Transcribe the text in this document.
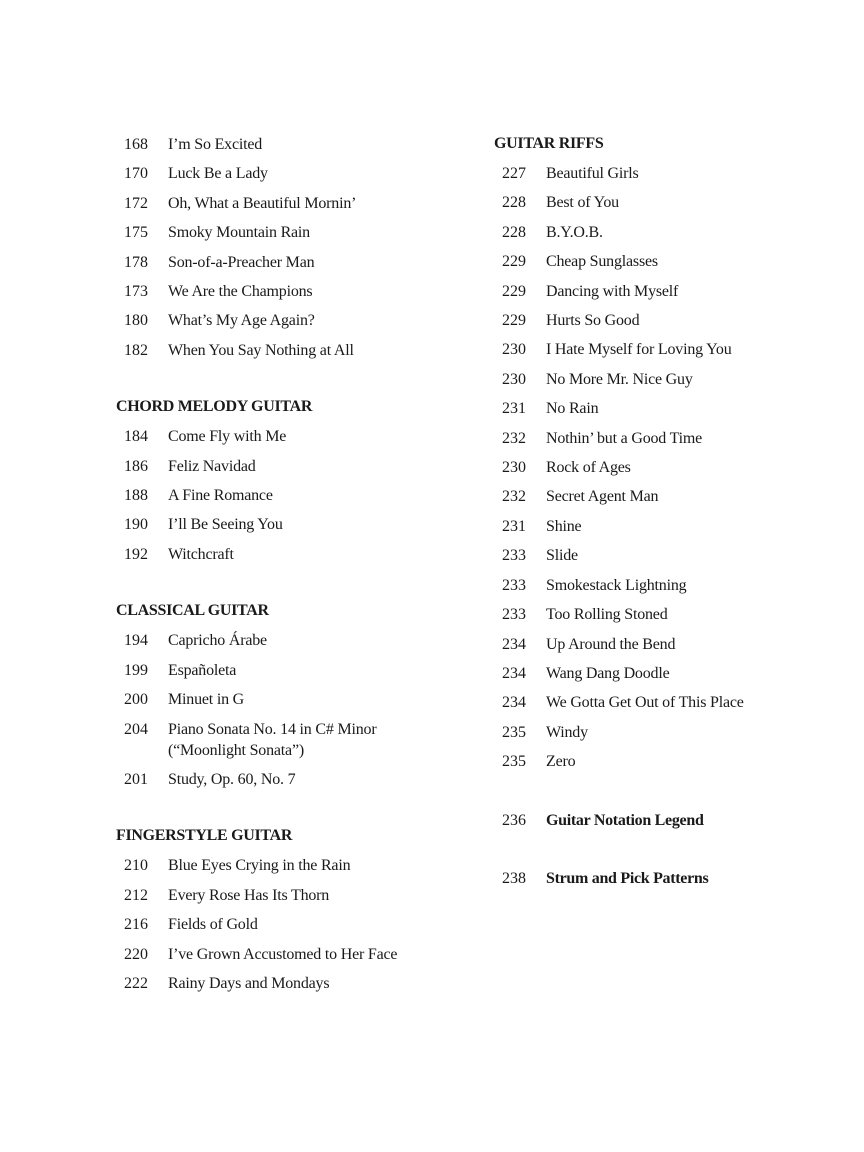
168	I’m So Excited
170	Luck Be a Lady
172	Oh, What a Beautiful Mornin’
175	Smoky Mountain Rain
178	Son-of-a-Preacher Man
173	We Are the Champions
180	What’s My Age Again?
182	When You Say Nothing at All
CHORD MELODY GUITAR
184	Come Fly with Me
186	Feliz Navidad
188	A Fine Romance
190	I’ll Be Seeing You
192	Witchcraft
CLASSICAL GUITAR
194	Capricho Árabe
199	Españoleta
200	Minuet in G
204	Piano Sonata No. 14 in C# Minor
(“Moonlight Sonata”)
201	Study, Op. 60, No. 7
FINGERSTYLE GUITAR
210	Blue Eyes Crying in the Rain
212	Every Rose Has Its Thorn
216	Fields of Gold
220	I’ve Grown Accustomed to Her Face
222	Rainy Days and Mondays
GUITAR RIFFS
227	Beautiful Girls
228	Best of You
228	B.Y.O.B.
229	Cheap Sunglasses
229	Dancing with Myself
229	Hurts So Good
230	I Hate Myself for Loving You
230	No More Mr. Nice Guy
231	No Rain
232	Nothin’ but a Good Time
230	Rock of Ages
232	Secret Agent Man
231	Shine
233	Slide
233	Smokestack Lightning
233	Too Rolling Stoned
234	Up Around the Bend
234	Wang Dang Doodle
234	We Gotta Get Out of This Place
235	Windy
235	Zero
236	Guitar Notation Legend
238	Strum and Pick Patterns
